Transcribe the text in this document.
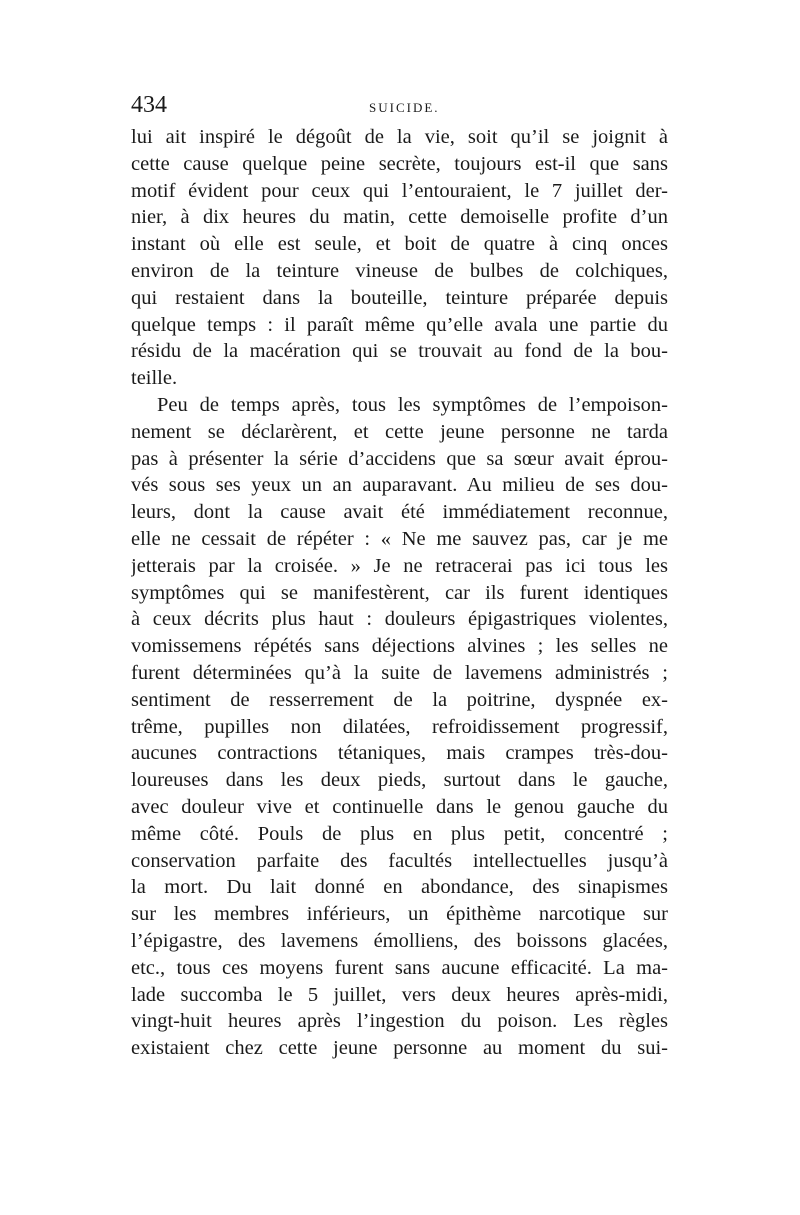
434	SUICIDE.
lui ait inspiré le dégoût de la vie, soit qu’il se joignit à
cette cause quelque peine secrète, toujours est-il que sans
motif évident pour ceux qui l’entouraient, le 7 juillet der-
nier, à dix heures du matin, cette demoiselle profite d’un
instant où elle est seule, et boit de quatre à cinq onces
environ de la teinture vineuse de bulbes de colchiques,
qui restaient dans la bouteille, teinture préparée depuis
quelque temps : il paraît même qu’elle avala une partie du
résidu de la macération qui se trouvait au fond de la bou-
teille.
Peu de temps après, tous les symptômes de l’empoison-
nement se déclarèrent, et cette jeune personne ne tarda
pas à présenter la série d’accidens que sa sœur avait éprou-
vés sous ses yeux un an auparavant. Au milieu de ses dou-
leurs, dont la cause avait été immédiatement reconnue,
elle ne cessait de répéter : « Ne me sauvez pas, car je me
jetterais par la croisée. » Je ne retracerai pas ici tous les
symptômes qui se manifestèrent, car ils furent identiques
à ceux décrits plus haut : douleurs épigastriques violentes,
vomissemens répétés sans déjections alvines ; les selles ne
furent déterminées qu’à la suite de lavemens administrés ;
sentiment de resserrement de la poitrine, dyspnée ex-
trême, pupilles non dilatées, refroidissement progressif,
aucunes contractions tétaniques, mais crampes très-dou-
loureuses dans les deux pieds, surtout dans le gauche,
avec douleur vive et continuelle dans le genou gauche du
même côté. Pouls de plus en plus petit, concentré ;
conservation parfaite des facultés intellectuelles jusqu’à
la mort. Du lait donné en abondance, des sinapismes
sur les membres inférieurs, un épithème narcotique sur
l’épigastre, des lavemens émolliens, des boissons glacées,
etc., tous ces moyens furent sans aucune efficacité. La ma-
lade succomba le 5 juillet, vers deux heures après-midi,
vingt-huit heures après l’ingestion du poison. Les règles
existaient chez cette jeune personne au moment du sui-
